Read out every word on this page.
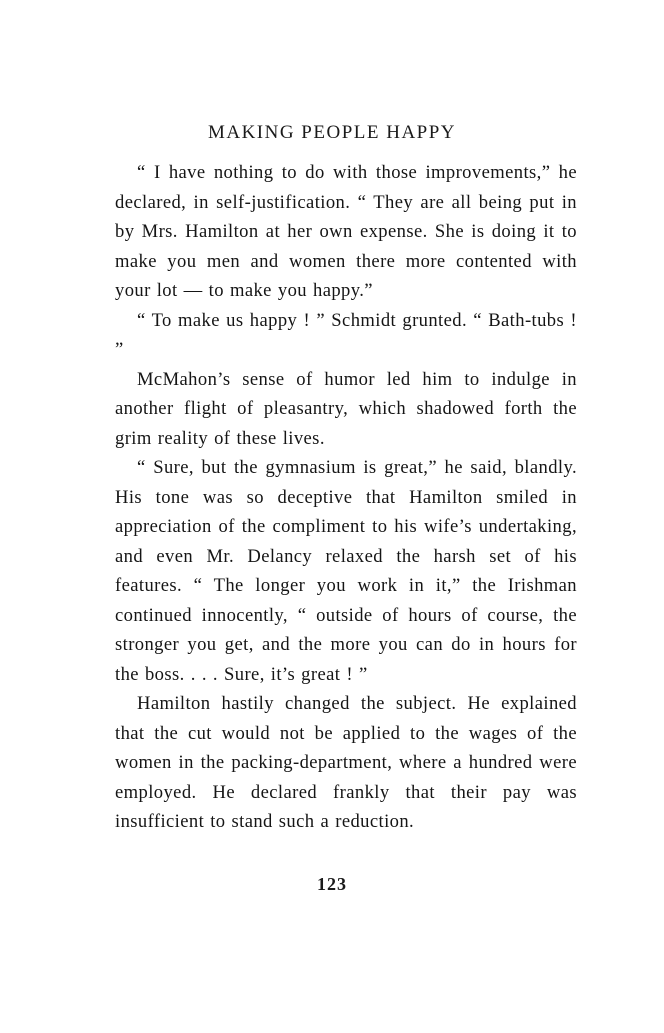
MAKING PEOPLE HAPPY

“ I have nothing to do with those improvements,” he declared, in self-justification. “ They are all being put in by Mrs. Hamilton at her own expense. She is doing it to make you men and women there more contented with your lot — to make you happy.”

“ To make us happy ! ” Schmidt grunted. “ Bath-tubs ! ”

McMahon’s sense of humor led him to indulge in another flight of pleasantry, which shadowed forth the grim reality of these lives.

“ Sure, but the gymnasium is great,” he said, blandly. His tone was so deceptive that Hamilton smiled in appreciation of the compliment to his wife’s undertaking, and even Mr. Delancy relaxed the harsh set of his features. “ The longer you work in it,” the Irishman continued innocently, “ outside of hours of course, the stronger you get, and the more you can do in hours for the boss. . . . Sure, it’s great ! ”

Hamilton hastily changed the subject. He explained that the cut would not be applied to the wages of the women in the packing-department, where a hundred were employed. He declared frankly that their pay was insufficient to stand such a reduction.

123
